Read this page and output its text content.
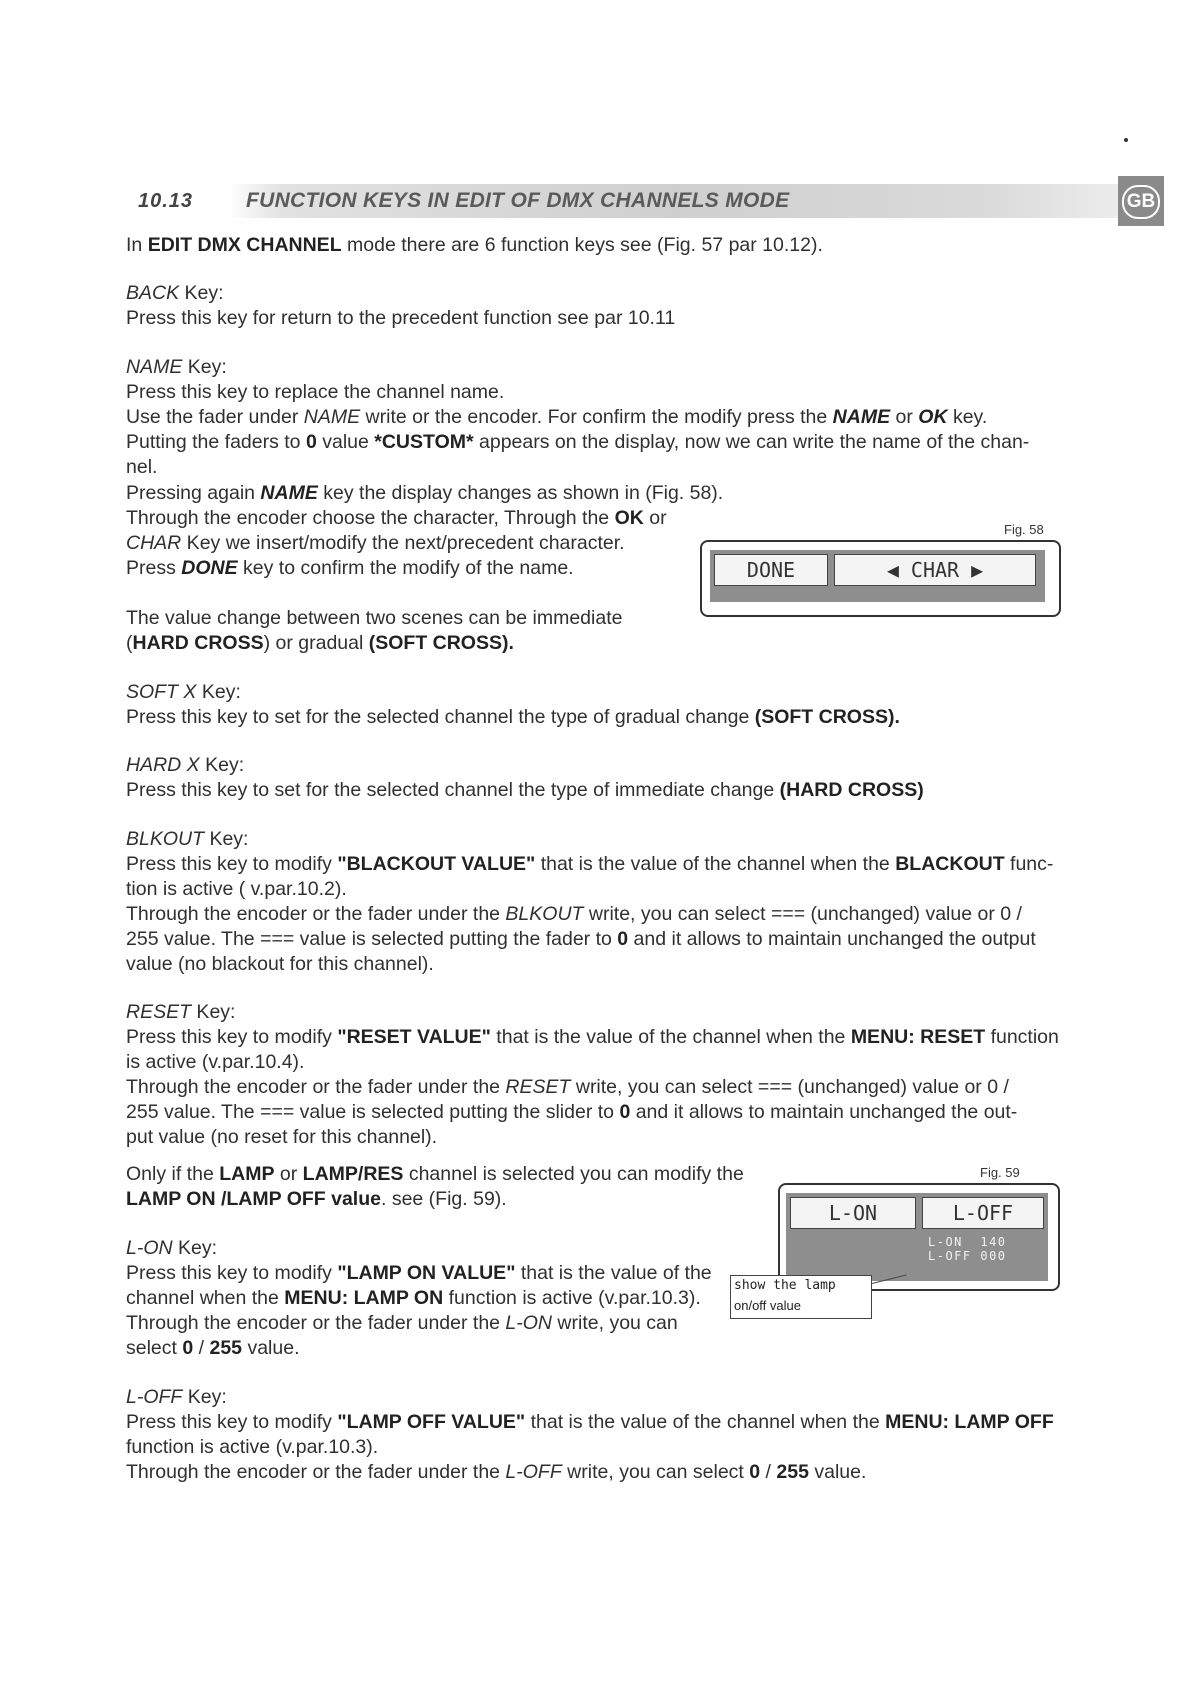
10.13	FUNCTION KEYS IN EDIT OF DMX CHANNELS MODE	GB
In EDIT DMX CHANNEL mode there are 6 function keys see (Fig. 57 par 10.12).
BACK Key:
Press this key for return to the precedent function see par 10.11
NAME Key:
Press this key to replace the channel name.
Use the fader under NAME write or the encoder. For confirm the modify press the NAME or OK key.
Putting the faders to 0 value *CUSTOM* appears on the display, now we can write the name of the chan-
nel.
Pressing again NAME key the display changes as shown in (Fig. 58).
Through the encoder choose the character, Through the OK or
CHAR Key we insert/modify the next/precedent character.
Press DONE key to confirm the modify of the name.
Fig. 58
DONE	◀ CHAR ▶
The value change between two scenes can be immediate
(HARD CROSS) or gradual (SOFT CROSS).
SOFT X Key:
Press this key to set for the selected channel the type of gradual change (SOFT CROSS).
HARD X Key:
Press this key to set for the selected channel the type of immediate change (HARD CROSS)
BLKOUT Key:
Press this key to modify "BLACKOUT VALUE" that is the value of the channel when the BLACKOUT func-
tion is active ( v.par.10.2).
Through the encoder or the fader under the BLKOUT write, you can select === (unchanged) value or 0 /
255 value. The === value is selected putting the fader to 0 and it allows to maintain unchanged the output
value (no blackout for this channel).
RESET Key:
Press this key to modify "RESET VALUE" that is the value of the channel when the MENU: RESET function
is active (v.par.10.4).
Through the encoder or the fader under the RESET write, you can select === (unchanged) value or 0 /
255 value. The === value is selected putting the slider to 0 and it allows to maintain unchanged the out-
put value (no reset for this channel).
Only if the LAMP or LAMP/RES channel is selected you can modify the
LAMP ON /LAMP OFF value. see (Fig. 59).
Fig. 59
L-ON	L-OFF
L-ON  140
L-OFF 000
show the lamp
on/off value
L-ON Key:
Press this key to modify "LAMP ON VALUE" that is the value of the
channel when the MENU: LAMP ON function is active (v.par.10.3).
Through the encoder or the fader under the L-ON write, you can
select 0 / 255 value.
L-OFF Key:
Press this key to modify "LAMP OFF VALUE" that is the value of the channel when the MENU: LAMP OFF
function is active (v.par.10.3).
Through the encoder or the fader under the L-OFF write, you can select 0 / 255 value.
